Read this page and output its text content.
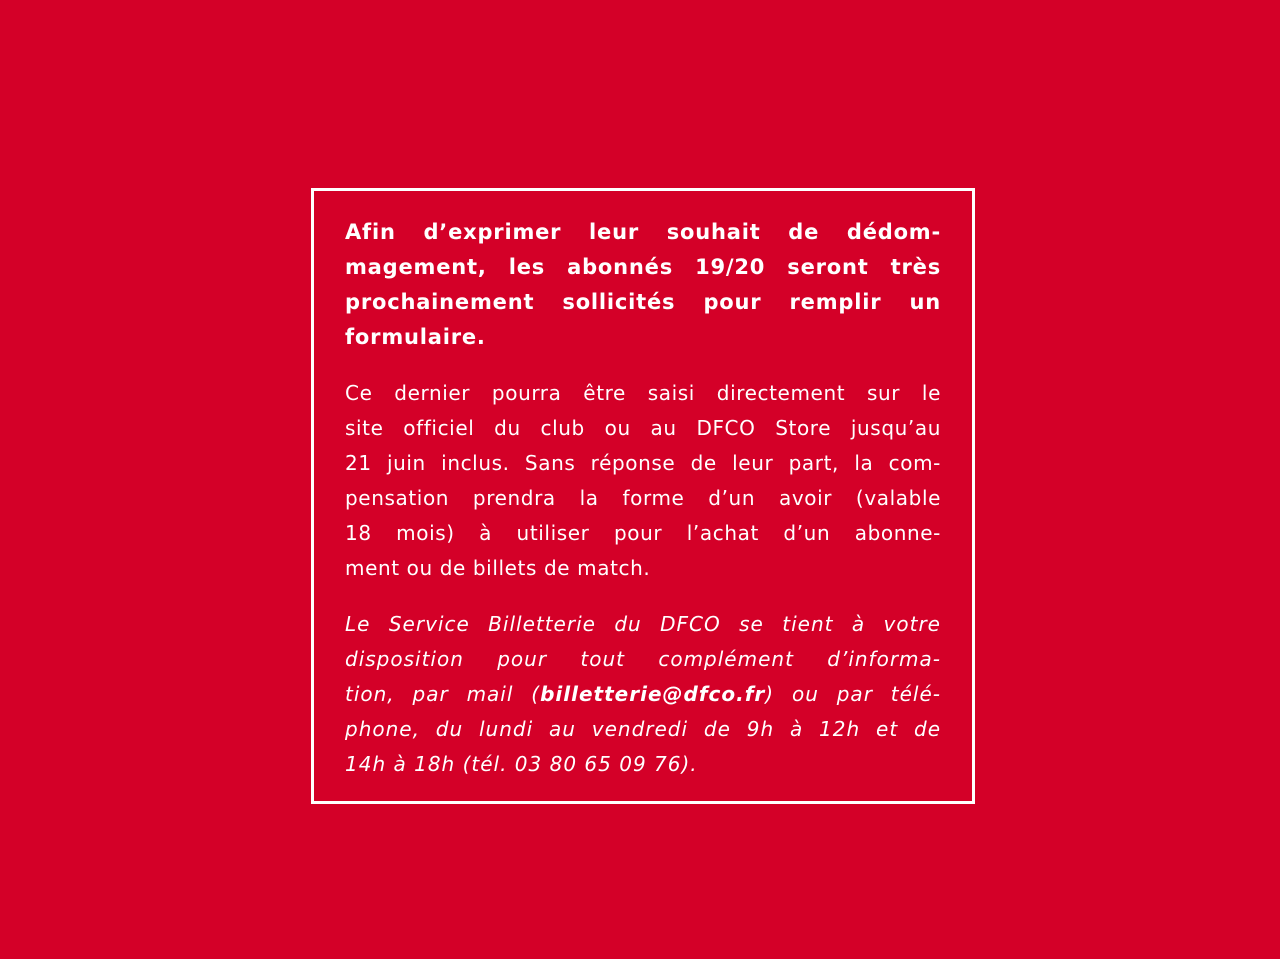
Afin d’exprimer leur souhait de dédom-
magement, les abonnés 19/20 seront très
prochainement sollicités pour remplir un
formulaire.

Ce dernier pourra être saisi directement sur le
site officiel du club ou au DFCO Store jusqu’au
21 juin inclus. Sans réponse de leur part, la com-
pensation prendra la forme d’un avoir (valable
18 mois) à utiliser pour l’achat d’un abonne-
ment ou de billets de match.

Le Service Billetterie du DFCO se tient à votre
disposition pour tout complément d’informa-
tion, par mail (billetterie@dfco.fr) ou par télé-
phone, du lundi au vendredi de 9h à 12h et de
14h à 18h (tél. 03 80 65 09 76).
